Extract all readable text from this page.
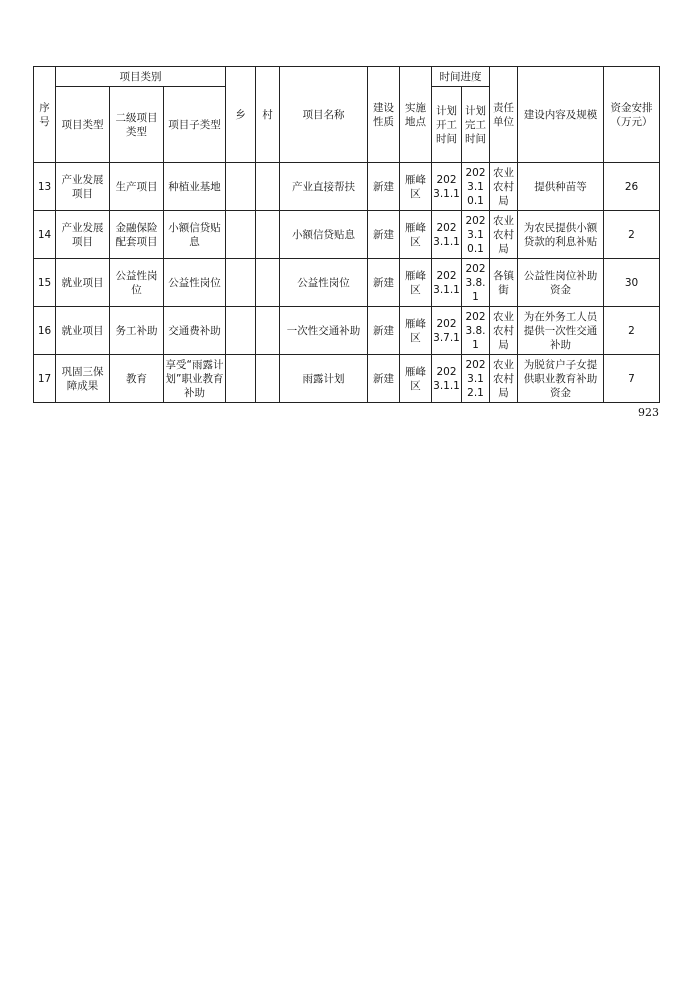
序号	项目类别			乡	村	项目名称	建设性质	实施地点	时间进度		责任单位	建设内容及规模	资金安排（万元）
	项目类型	二级项目类型	项目子类型						计划开工时间	计划完工时间			
13	产业发展项目	生产项目	种植业基地			产业直接帮扶	新建	雁峰区	2023.1.1	2023.10.1	农业农村局	提供种苗等	26
14	产业发展项目	金融保险配套项目	小额信贷贴息			小额信贷贴息	新建	雁峰区	2023.1.1	2023.10.1	农业农村局	为农民提供小额贷款的利息补贴	2
15	就业项目	公益性岗位	公益性岗位			公益性岗位	新建	雁峰区	2023.1.1	2023.8.1	各镇街	公益性岗位补助资金	30
16	就业项目	务工补助	交通费补助			一次性交通补助	新建	雁峰区	2023.7.1	2023.8.1	农业农村局	为在外务工人员提供一次性交通补助	2
17	巩固三保障成果	教育	享受“雨露计划”职业教育补助			雨露计划	新建	雁峰区	2023.1.1	2023.12.1	农业农村局	为脱贫户子女提供职业教育补助资金	7
923
